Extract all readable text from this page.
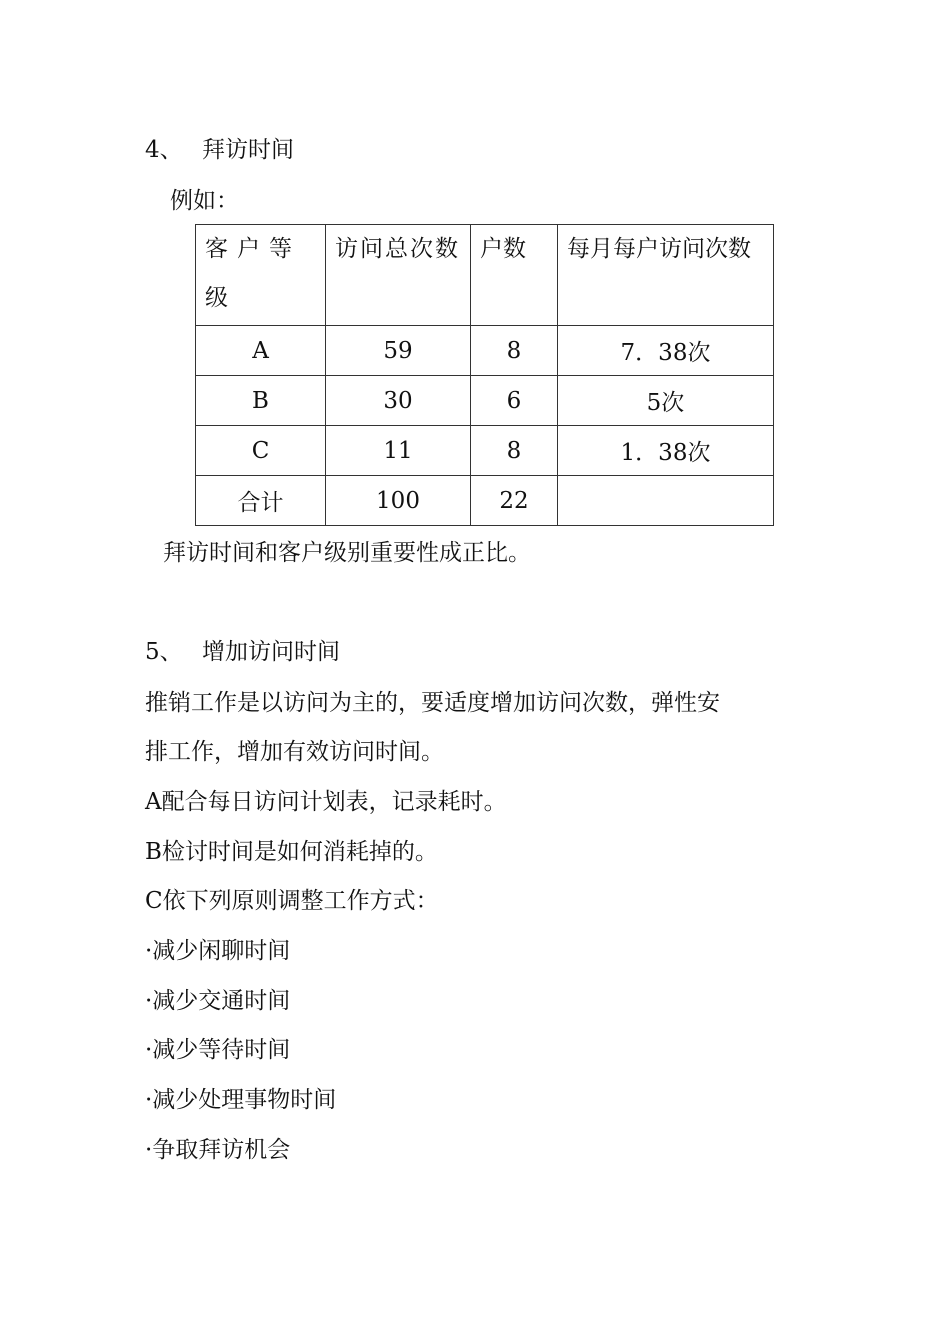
4、 拜访时间
例如：
客户等级	访问总次数	户数	每月每户访问次数
A	59	8	7．38次
B	30	6	5次
C	11	8	1．38次
合计	100	22	
拜访时间和客户级别重要性成正比。
5、 增加访问时间
推销工作是以访问为主的，要适度增加访问次数，弹性安
排工作，增加有效访问时间。
A配合每日访问计划表，记录耗时。
B检讨时间是如何消耗掉的。
C依下列原则调整工作方式：
·减少闲聊时间
·减少交通时间
·减少等待时间
·减少处理事物时间
·争取拜访机会
